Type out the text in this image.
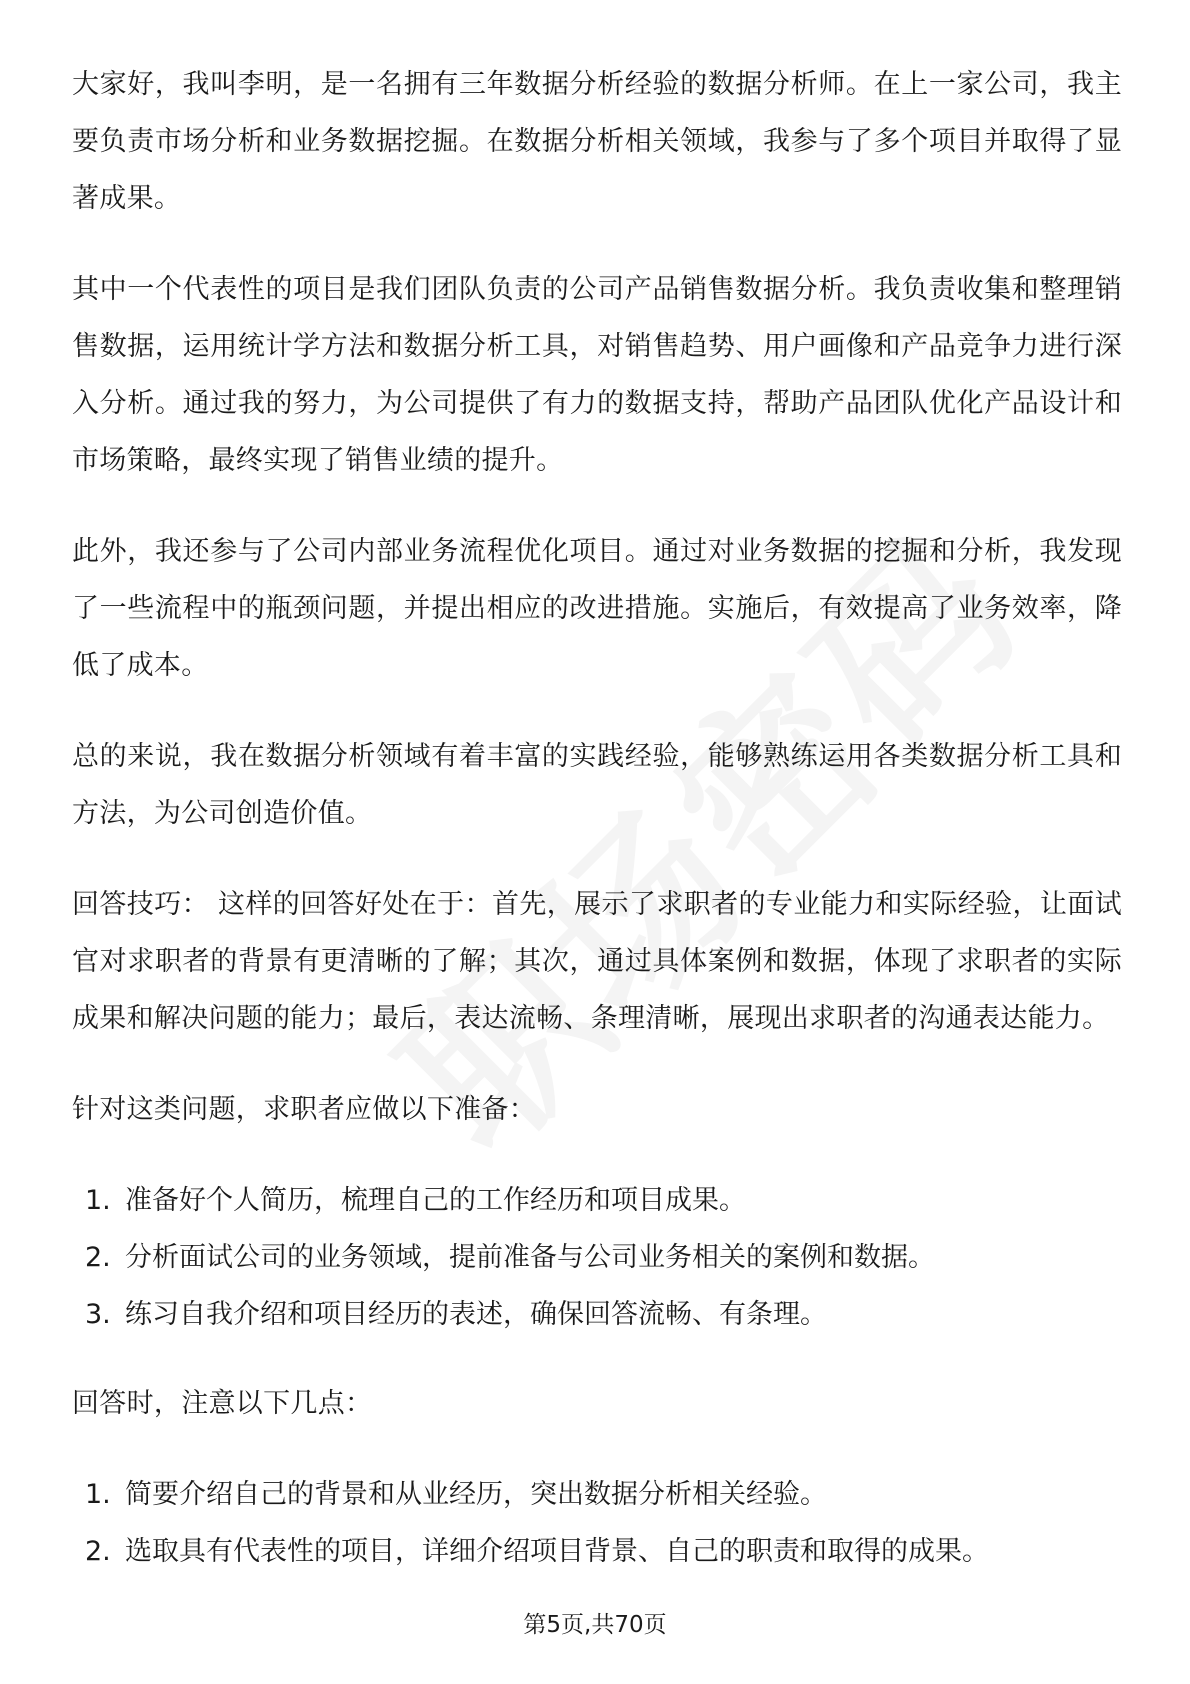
大家好，我叫李明，是一名拥有三年数据分析经验的数据分析师。在上一家公司，我主要负责市场分析和业务数据挖掘。在数据分析相关领域，我参与了多个项目并取得了显著成果。

其中一个代表性的项目是我们团队负责的公司产品销售数据分析。我负责收集和整理销售数据，运用统计学方法和数据分析工具，对销售趋势、用户画像和产品竞争力进行深入分析。通过我的努力，为公司提供了有力的数据支持，帮助产品团队优化产品设计和市场策略，最终实现了销售业绩的提升。

此外，我还参与了公司内部业务流程优化项目。通过对业务数据的挖掘和分析，我发现了一些流程中的瓶颈问题，并提出相应的改进措施。实施后，有效提高了业务效率，降低了成本。

总的来说，我在数据分析领域有着丰富的实践经验，能够熟练运用各类数据分析工具和方法，为公司创造价值。

回答技巧： 这样的回答好处在于：首先，展示了求职者的专业能力和实际经验，让面试官对求职者的背景有更清晰的了解；其次，通过具体案例和数据，体现了求职者的实际成果和解决问题的能力；最后，表达流畅、条理清晰，展现出求职者的沟通表达能力。

针对这类问题，求职者应做以下准备：

1. 准备好个人简历，梳理自己的工作经历和项目成果。
2. 分析面试公司的业务领域，提前准备与公司业务相关的案例和数据。
3. 练习自我介绍和项目经历的表述，确保回答流畅、有条理。

回答时，注意以下几点：

1. 简要介绍自己的背景和从业经历，突出数据分析相关经验。
2. 选取具有代表性的项目，详细介绍项目背景、自己的职责和取得的成果。
第5页,共70页
